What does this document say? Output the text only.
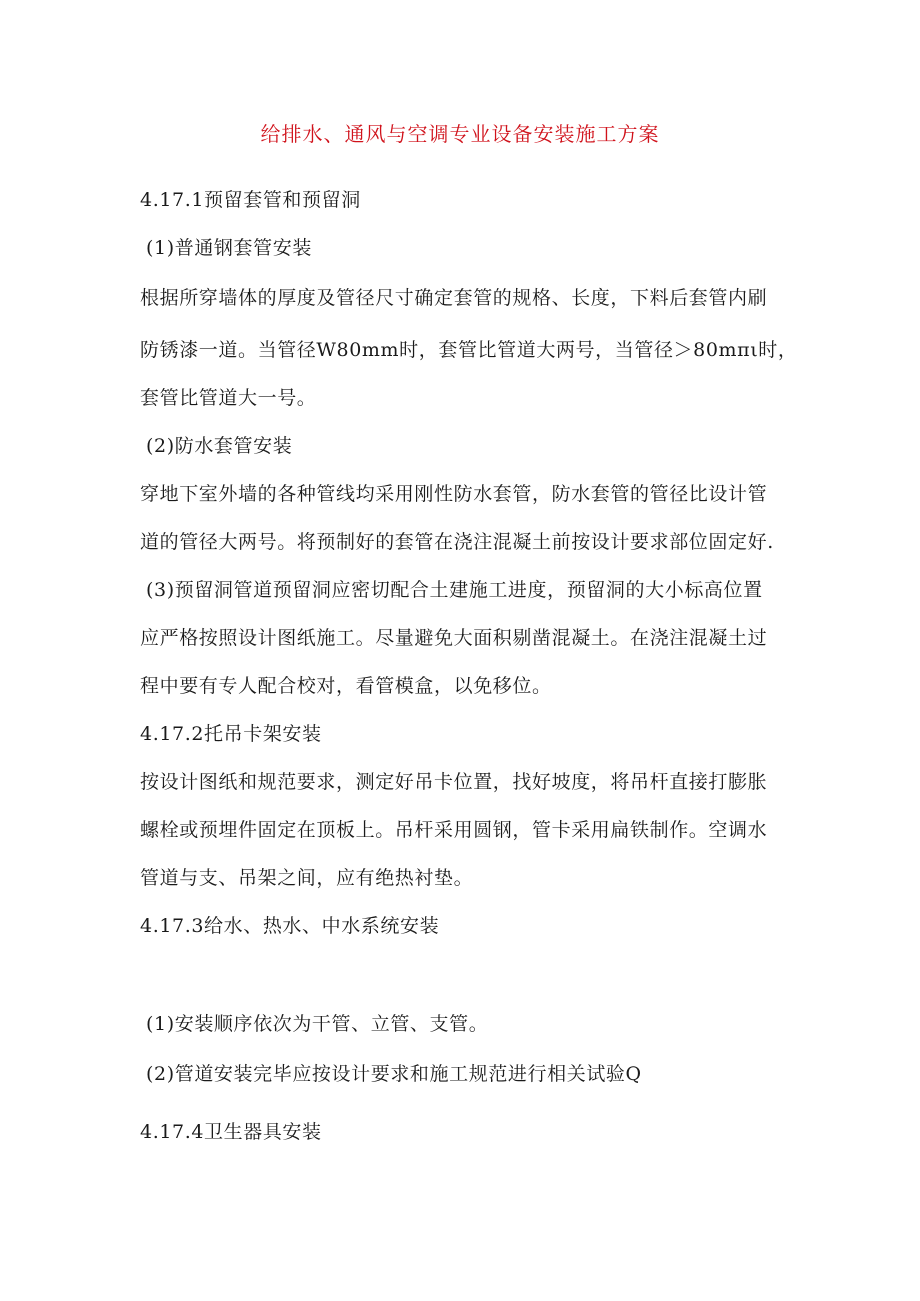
给排水、通风与空调专业设备安装施工方案
4.17.1预留套管和预留洞
(1)普通钢套管安装
根据所穿墙体的厚度及管径尺寸确定套管的规格、长度，下料后套管内刷
防锈漆一道。当管径W80mm时，套管比管道大两号，当管径＞80mπι时，
套管比管道大一号。
(2)防水套管安装
穿地下室外墙的各种管线均采用刚性防水套管，防水套管的管径比设计管
道的管径大两号。将预制好的套管在浇注混凝土前按设计要求部位固定好.
(3)预留洞管道预留洞应密切配合土建施工进度，预留洞的大小标高位置
应严格按照设计图纸施工。尽量避免大面积剔凿混凝土。在浇注混凝土过
程中要有专人配合校对，看管模盒，以免移位。
4.17.2托吊卡架安装
按设计图纸和规范要求，测定好吊卡位置，找好坡度，将吊杆直接打膨胀
螺栓或预埋件固定在顶板上。吊杆采用圆钢，管卡采用扁铁制作。空调水
管道与支、吊架之间，应有绝热衬垫。
4.17.3给水、热水、中水系统安装
(1)安装顺序依次为干管、立管、支管。
(2)管道安装完毕应按设计要求和施工规范进行相关试验Q
4.17.4卫生器具安装
